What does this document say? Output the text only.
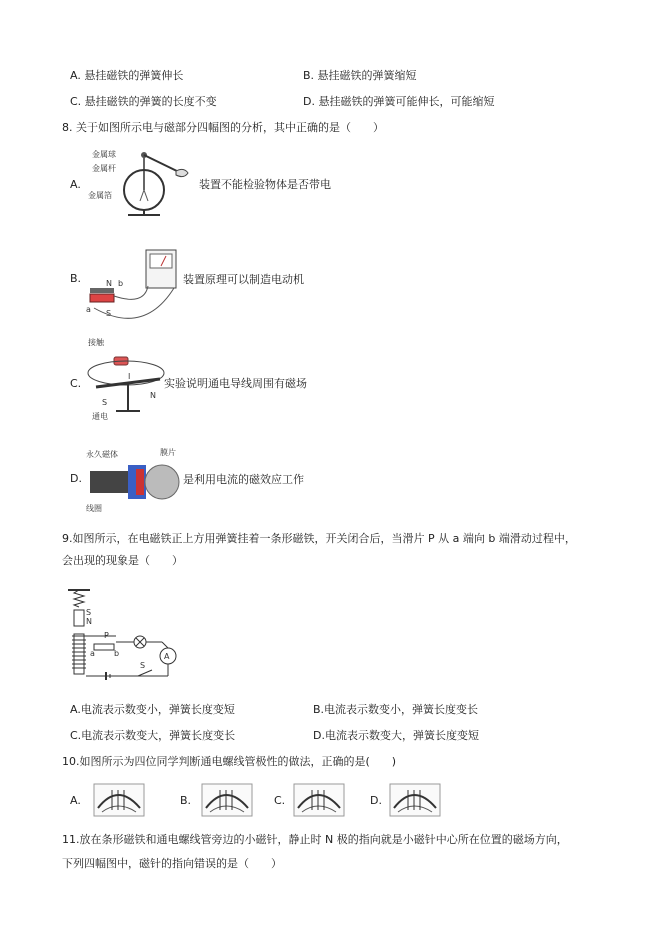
A. 悬挂磁铁的弹簧伸长	B. 悬挂磁铁的弹簧缩短
C. 悬挂磁铁的弹簧的长度不变	D. 悬挂磁铁的弹簧可能伸长，可能缩短
8. 关于如图所示电与磁部分四幅图的分析，其中正确的是（　　）
A.
金属球
金属杆
金属箔
装置不能检验物体是否带电
B.	N b
a S
装置原理可以制造电动机
C.
接触
I
S
N
通电
实验说明通电导线周围有磁场
D.
永久磁体	膜片
线圈
是利用电流的磁效应工作
9.如图所示，在电磁铁正上方用弹簧挂着一条形磁铁，开关闭合后，当滑片 P 从 a 端向 b 端滑动过程中，
会出现的现象是（　　）
S
N
P
a b	A
S
A.电流表示数变小，弹簧长度变短	B.电流表示数变小，弹簧长度变长
C.电流表示数变大，弹簧长度变长	D.电流表示数变大，弹簧长度变短
10.如图所示为四位同学判断通电螺线管极性的做法，正确的是(　　)
A.	B.	C.	D.
11.放在条形磁铁和通电螺线管旁边的小磁针，静止时 N 极的指向就是小磁针中心所在位置的磁场方向，
下列四幅图中，磁针的指向错误的是（　　）
